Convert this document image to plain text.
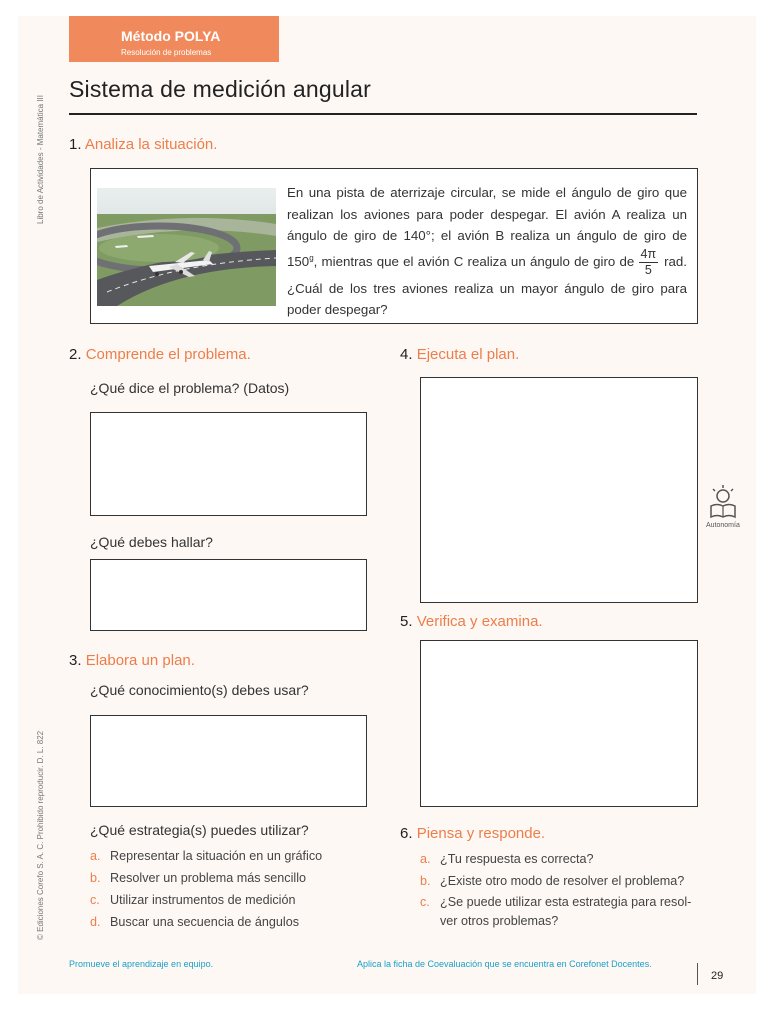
Método POLYA
Resolución de problemas
Libro de Actividades - Matemática III
© Ediciones Corefo S. A. C. Prohibido reproducir. D. L. 822
Sistema de medición angular
1. Analiza la situación.
En una pista de aterrizaje circular, se mide el ángulo de giro que realizan los aviones para poder despegar. El avión A realiza un ángulo de giro de 140°; el avión B realiza un ángulo de giro de 150$^g$, mientras que el avión C realiza un ángulo de giro de $\frac{4\pi}{5}$ rad. ¿Cuál de los tres aviones realiza un mayor ángulo de giro para poder despegar?
2. Comprende el problema.
¿Qué dice el problema? (Datos)
¿Qué debes hallar?
3. Elabora un plan.
¿Qué conocimiento(s) debes usar?
¿Qué estrategia(s) puedes utilizar?
a. Representar la situación en un gráfico
b. Resolver un problema más sencillo
c. Utilizar instrumentos de medición
d. Buscar una secuencia de ángulos
4. Ejecuta el plan.
Autonomía
5. Verifica y examina.
6. Piensa y responde.
a. ¿Tu respuesta es correcta?
b. ¿Existe otro modo de resolver el problema?
c. ¿Se puede utilizar esta estrategia para resol-
ver otros problemas?
Promueve el aprendizaje en equipo.	Aplica la ficha de Coevaluación que se encuentra en Corefonet Docentes.
29
